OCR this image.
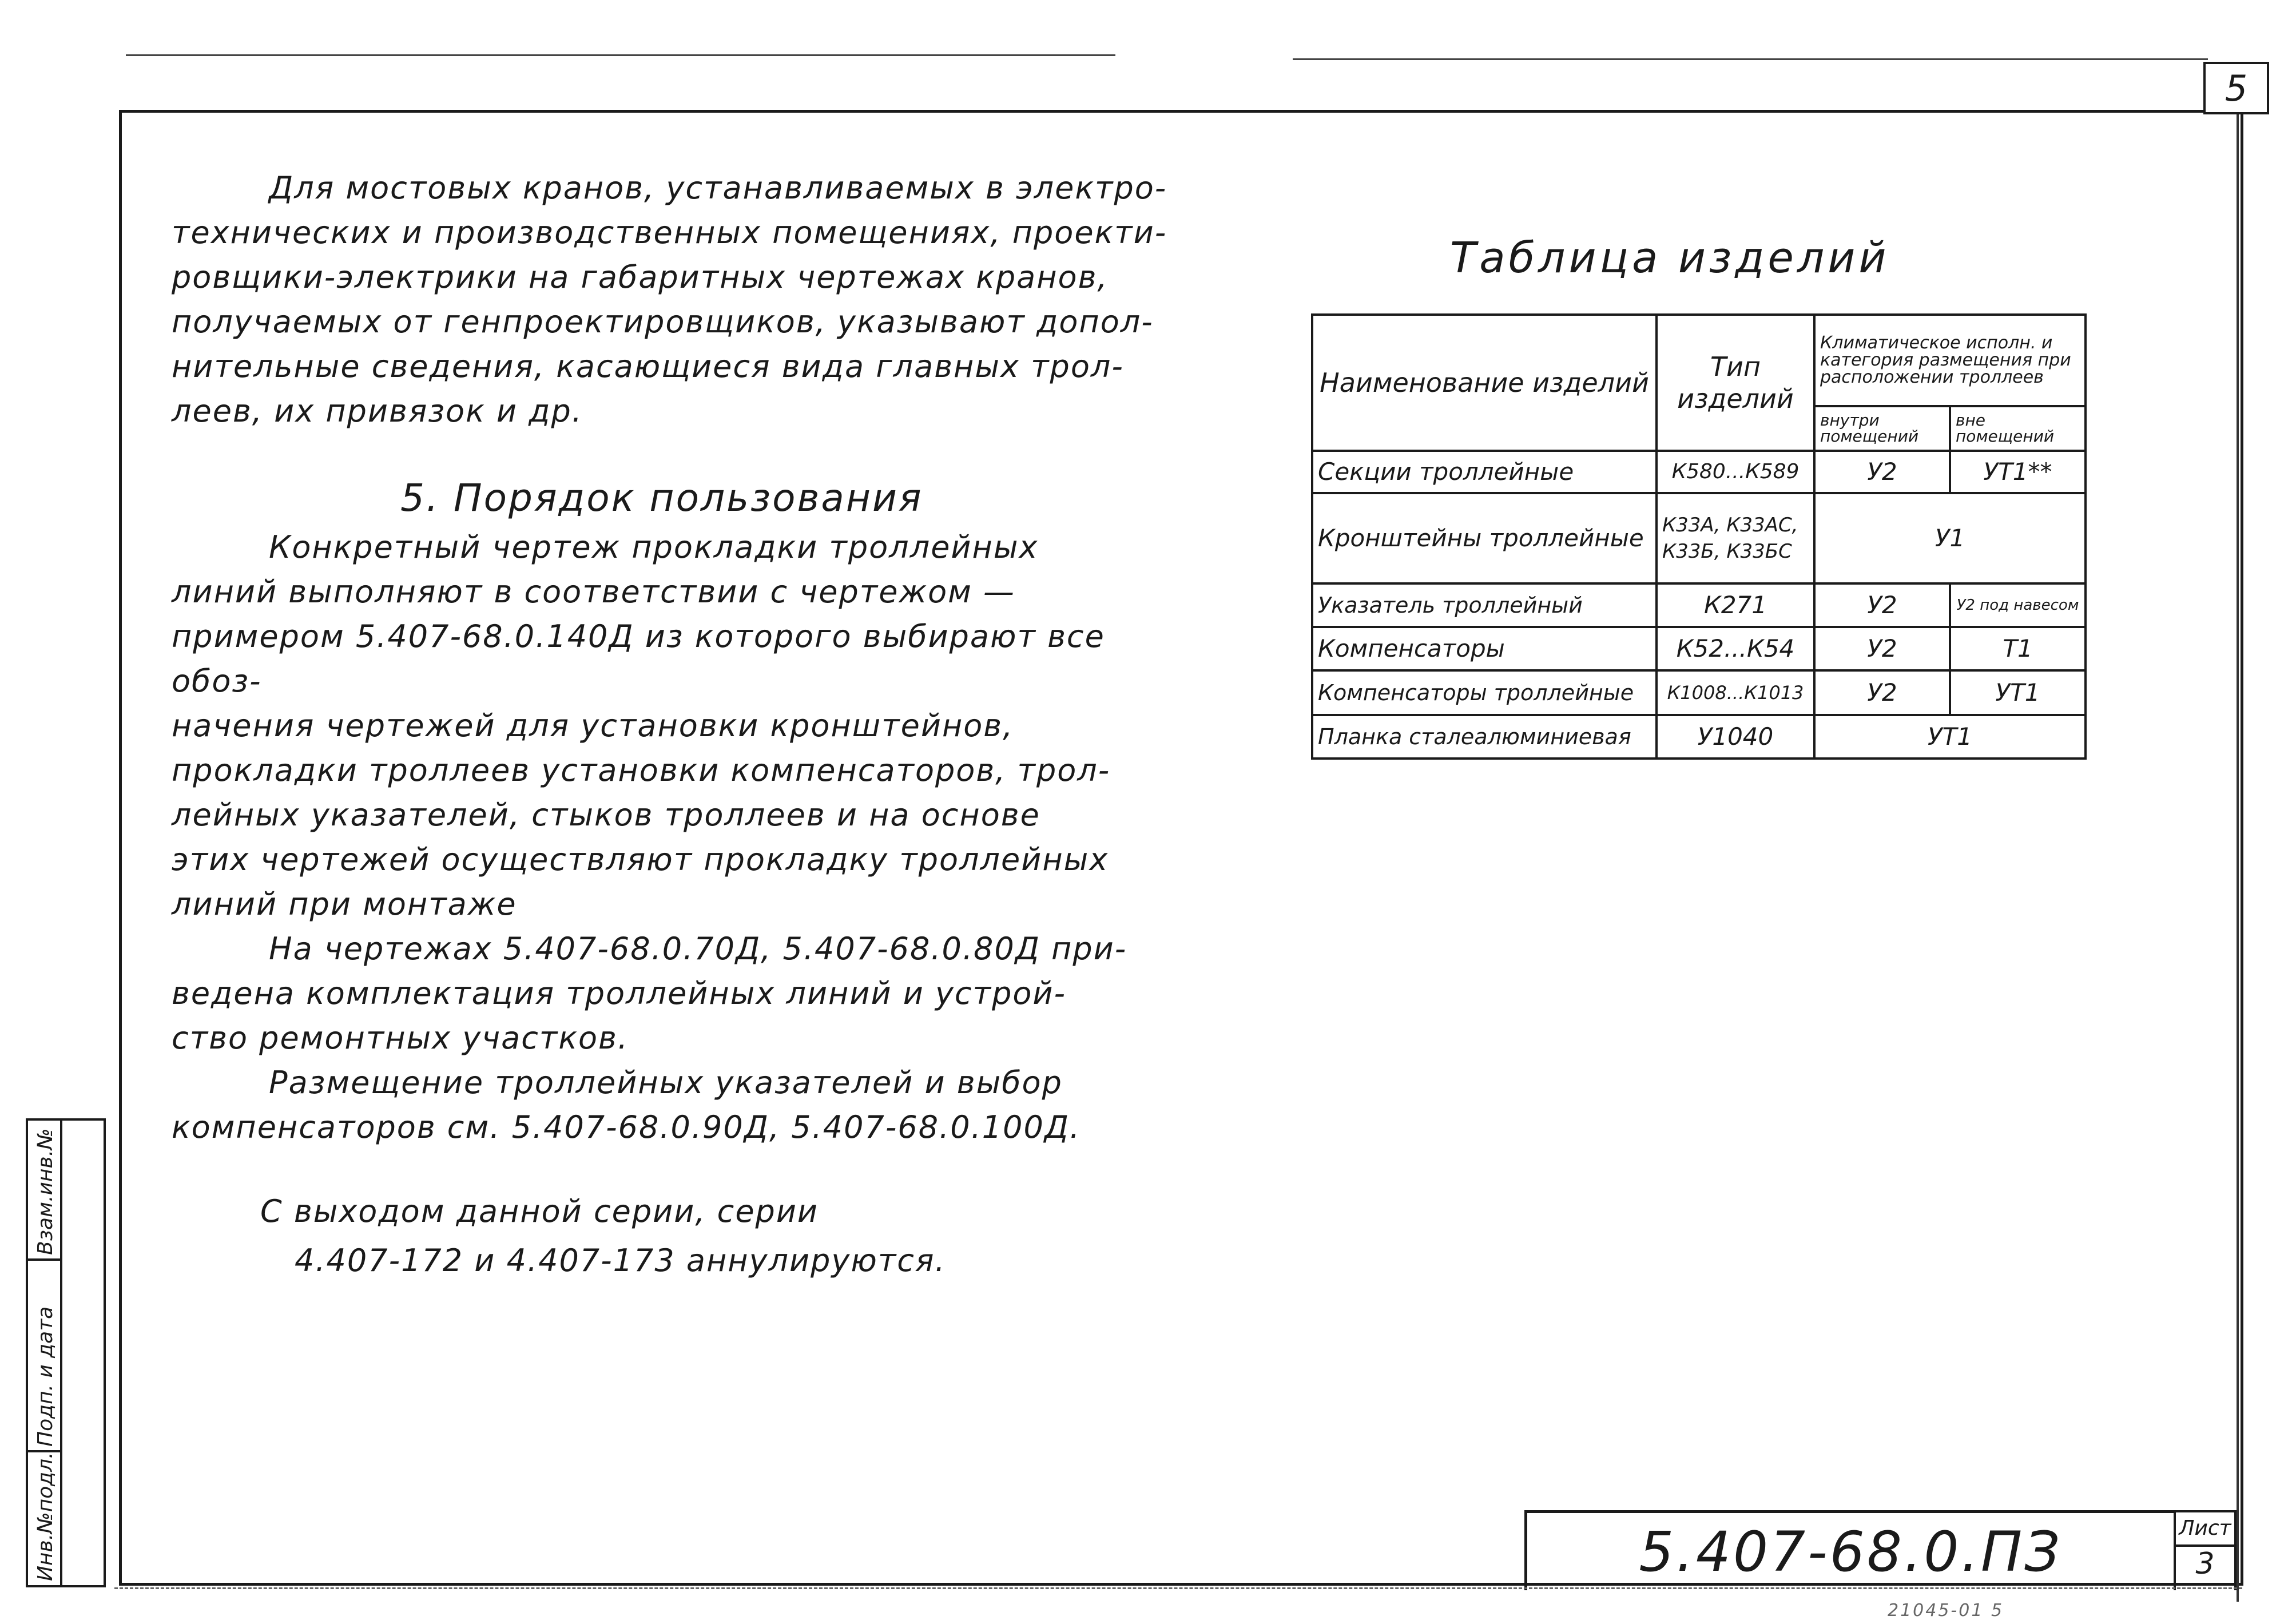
5

Для мостовых кранов, устанавливаемых в электро-

технических и производственных помещениях, проекти-

ровщики-электрики на габаритных чертежах кранов,

получаемых от генпроектировщиков, указывают допол-

нительные сведения, касающиеся вида главных трол-

леев, их привязок и др.

5. Порядок пользования

Конкретный чертеж прокладки троллейных

линий выполняют в соответствии с чертежом —

примером 5.407-68.0.140Д из которого выбирают все обоз-

начения чертежей для установки кронштейнов,

прокладки троллеев установки компенсаторов, трол-

лейных указателей, стыков троллеев и на основе

этих чертежей осуществляют прокладку троллейных

линий при монтаже

На чертежах 5.407-68.0.70Д, 5.407-68.0.80Д при-

ведена комплектация троллейных линий и устрой-

ство ремонтных участков.

Размещение троллейных указателей и выбор

компенсаторов см. 5.407-68.0.90Д, 5.407-68.0.100Д.

С выходом данной серии, серии

4.407-172 и 4.407-173 аннулируются.

Таблица изделий
Наименование изделий	Тип изделий	Климатическое исполн. и категория размещения при расположении троллеев	
		внутри помещений	вне помещений
Секции троллейные	К580...К589	У2	УТ1**
Кронштейны троллейные	К33А, К33АС, К33Б, К33БС	У1	
Указатель троллейный	К271	У2	У2 под навесом
Компенсаторы	К52...К54	У2	Т1
Компенсаторы троллейные	К1008...К1013	У2	УТ1
Планка сталеалюминиевая	У1040	УТ1	
Взам.инв.№
Подп. и дата
Инв.№подл.	5.407-68.0.ПЗ	Лист
3
21045-01 5
